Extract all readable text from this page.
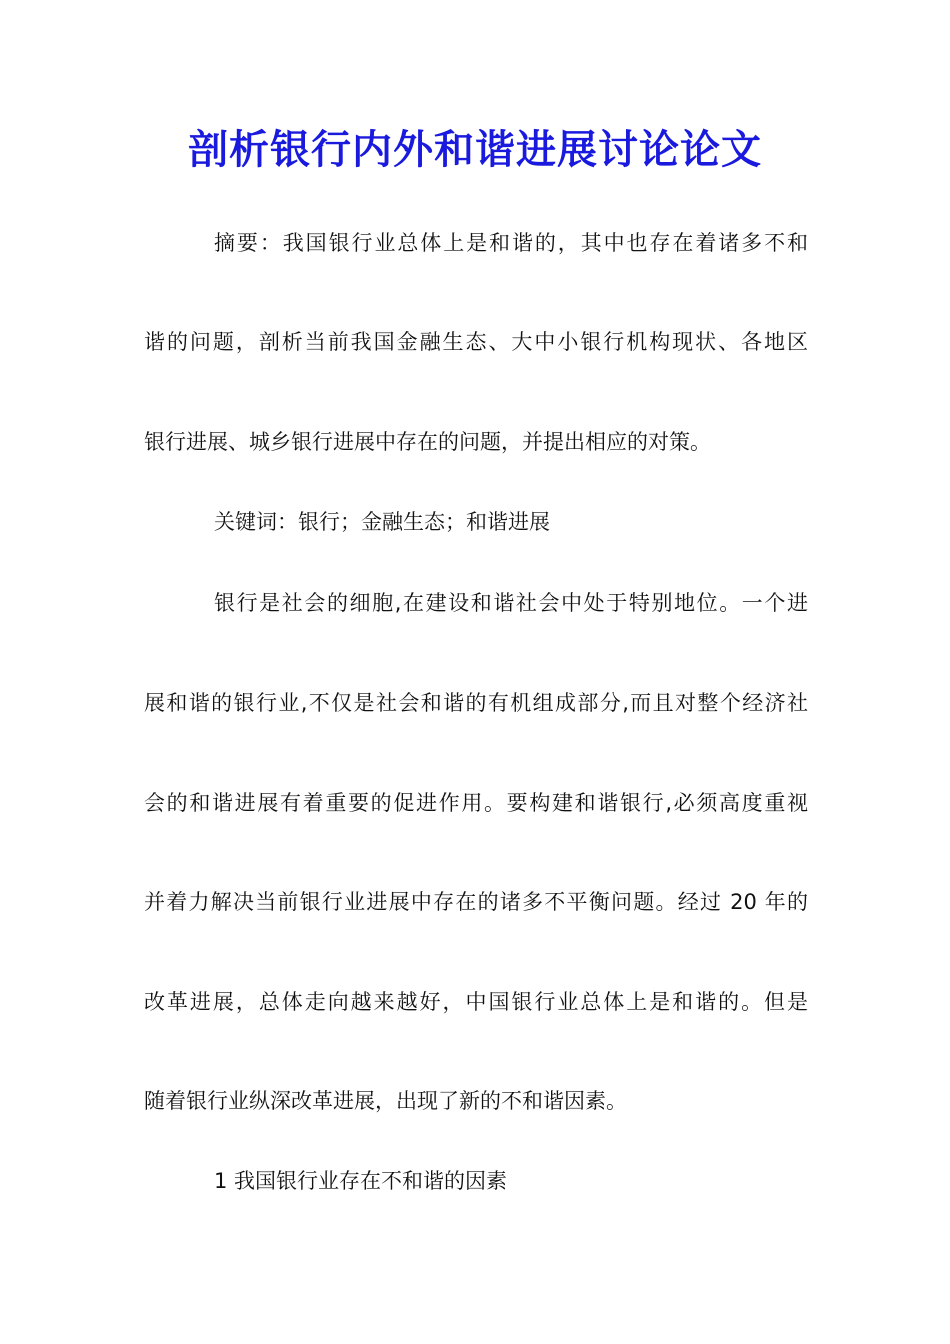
剖析银行内外和谐进展讨论论文
摘要：我国银行业总体上是和谐的，其中也存在着诸多不和
谐的问题，剖析当前我国金融生态、大中小银行机构现状、各地区
银行进展、城乡银行进展中存在的问题，并提出相应的对策。
关键词：银行；金融生态；和谐进展
银行是社会的细胞,在建设和谐社会中处于特别地位。一个进
展和谐的银行业,不仅是社会和谐的有机组成部分,而且对整个经济社
会的和谐进展有着重要的促进作用。要构建和谐银行,必须高度重视
并着力解决当前银行业进展中存在的诸多不平衡问题。经过 20 年的
改革进展，总体走向越来越好，中国银行业总体上是和谐的。但是
随着银行业纵深改革进展，出现了新的不和谐因素。
1 我国银行业存在不和谐的因素
